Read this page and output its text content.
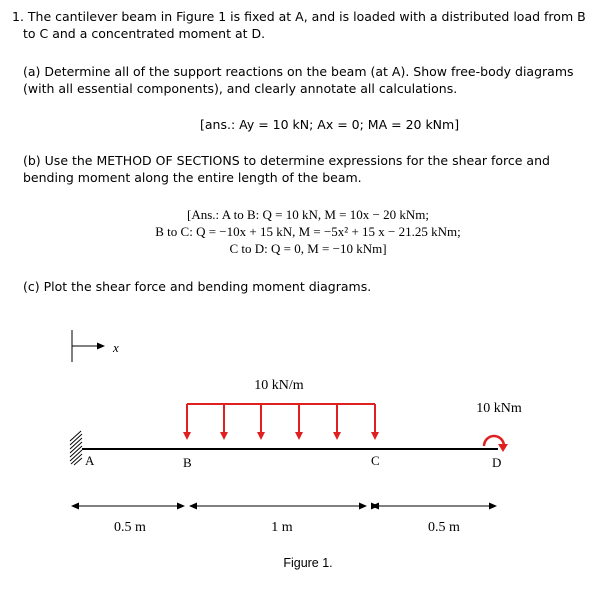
1. The cantilever beam in Figure 1 is fixed at A, and is loaded with a distributed load from B
to C and a concentrated moment at D.
(a) Determine all of the support reactions on the beam (at A). Show free-body diagrams
(with all essential components), and clearly annotate all calculations.
[ans.: Ay = 10 kN; Ax = 0; MA = 20 kNm]
(b) Use the METHOD OF SECTIONS to determine expressions for the shear force and
bending moment along the entire length of the beam.
[Ans.: A to B: Q = 10 kN, M = 10x − 20 kNm;
B to C: Q = −10x + 15 kN, M = −5x² + 15 x − 21.25 kNm;
C to D: Q = 0, M = −10 kNm]
(c) Plot the shear force and bending moment diagrams.
x
10 kN/m
10 kNm
A	B	C	D
0.5 m	1 m	0.5 m
Figure 1.
